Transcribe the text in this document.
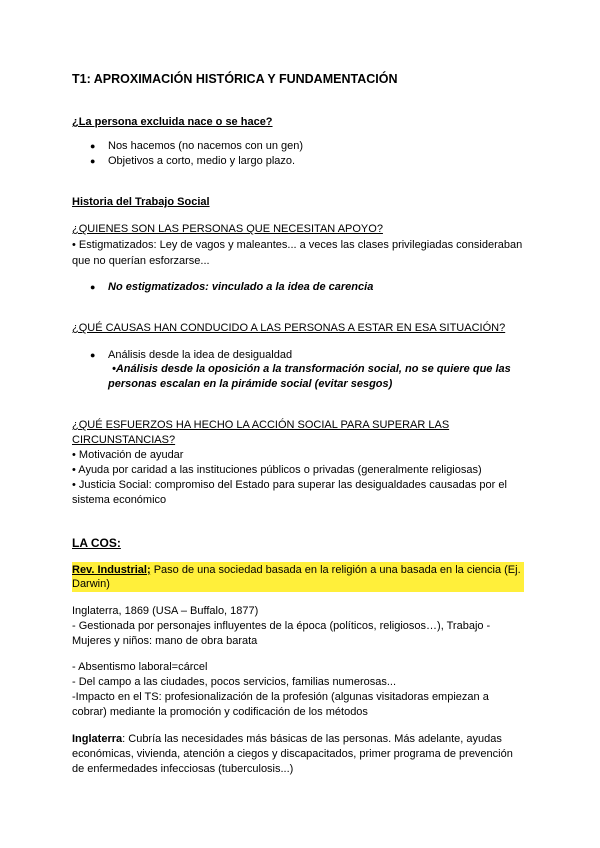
T1: APROXIMACIÓN HISTÓRICA Y FUNDAMENTACIÓN
¿La persona excluida nace o se hace?
● Nos hacemos (no nacemos con un gen)
● Objetivos a corto, medio y largo plazo.
Historia del Trabajo Social
¿QUIENES SON LAS PERSONAS QUE NECESITAN APOYO?
• Estigmatizados: Ley de vagos y maleantes... a veces las clases privilegiadas consideraban
que no querían esforzarse...
● No estigmatizados: vinculado a la idea de carencia
¿QUÉ CAUSAS HAN CONDUCIDO A LAS PERSONAS A ESTAR EN ESA SITUACIÓN?
● Análisis desde la idea de desigualdad
•Análisis desde la oposición a la transformación social, no se quiere que las
personas escalan en la pirámide social (evitar sesgos)
¿QUÉ ESFUERZOS HA HECHO LA ACCIÓN SOCIAL PARA SUPERAR LAS
CIRCUNSTANCIAS?
• Motivación de ayudar
• Ayuda por caridad a las instituciones públicos o privadas (generalmente religiosas)
• Justicia Social: compromiso del Estado para superar las desigualdades causadas por el
sistema económico
LA COS:
Rev. Industrial; Paso de una sociedad basada en la religión a una basada en la ciencia (Ej.
Darwin)
Inglaterra, 1869 (USA – Buffalo, 1877)
- Gestionada por personajes influyentes de la época (políticos, religiosos…), Trabajo -
Mujeres y niños: mano de obra barata
- Absentismo laboral=cárcel
- Del campo a las ciudades, pocos servicios, familias numerosas...
-Impacto en el TS: profesionalización de la profesión (algunas visitadoras empiezan a
cobrar) mediante la promoción y codificación de los métodos
Inglaterra: Cubría las necesidades más básicas de las personas. Más adelante, ayudas
económicas, vivienda, atención a ciegos y discapacitados, primer programa de prevención
de enfermedades infecciosas (tuberculosis...)
